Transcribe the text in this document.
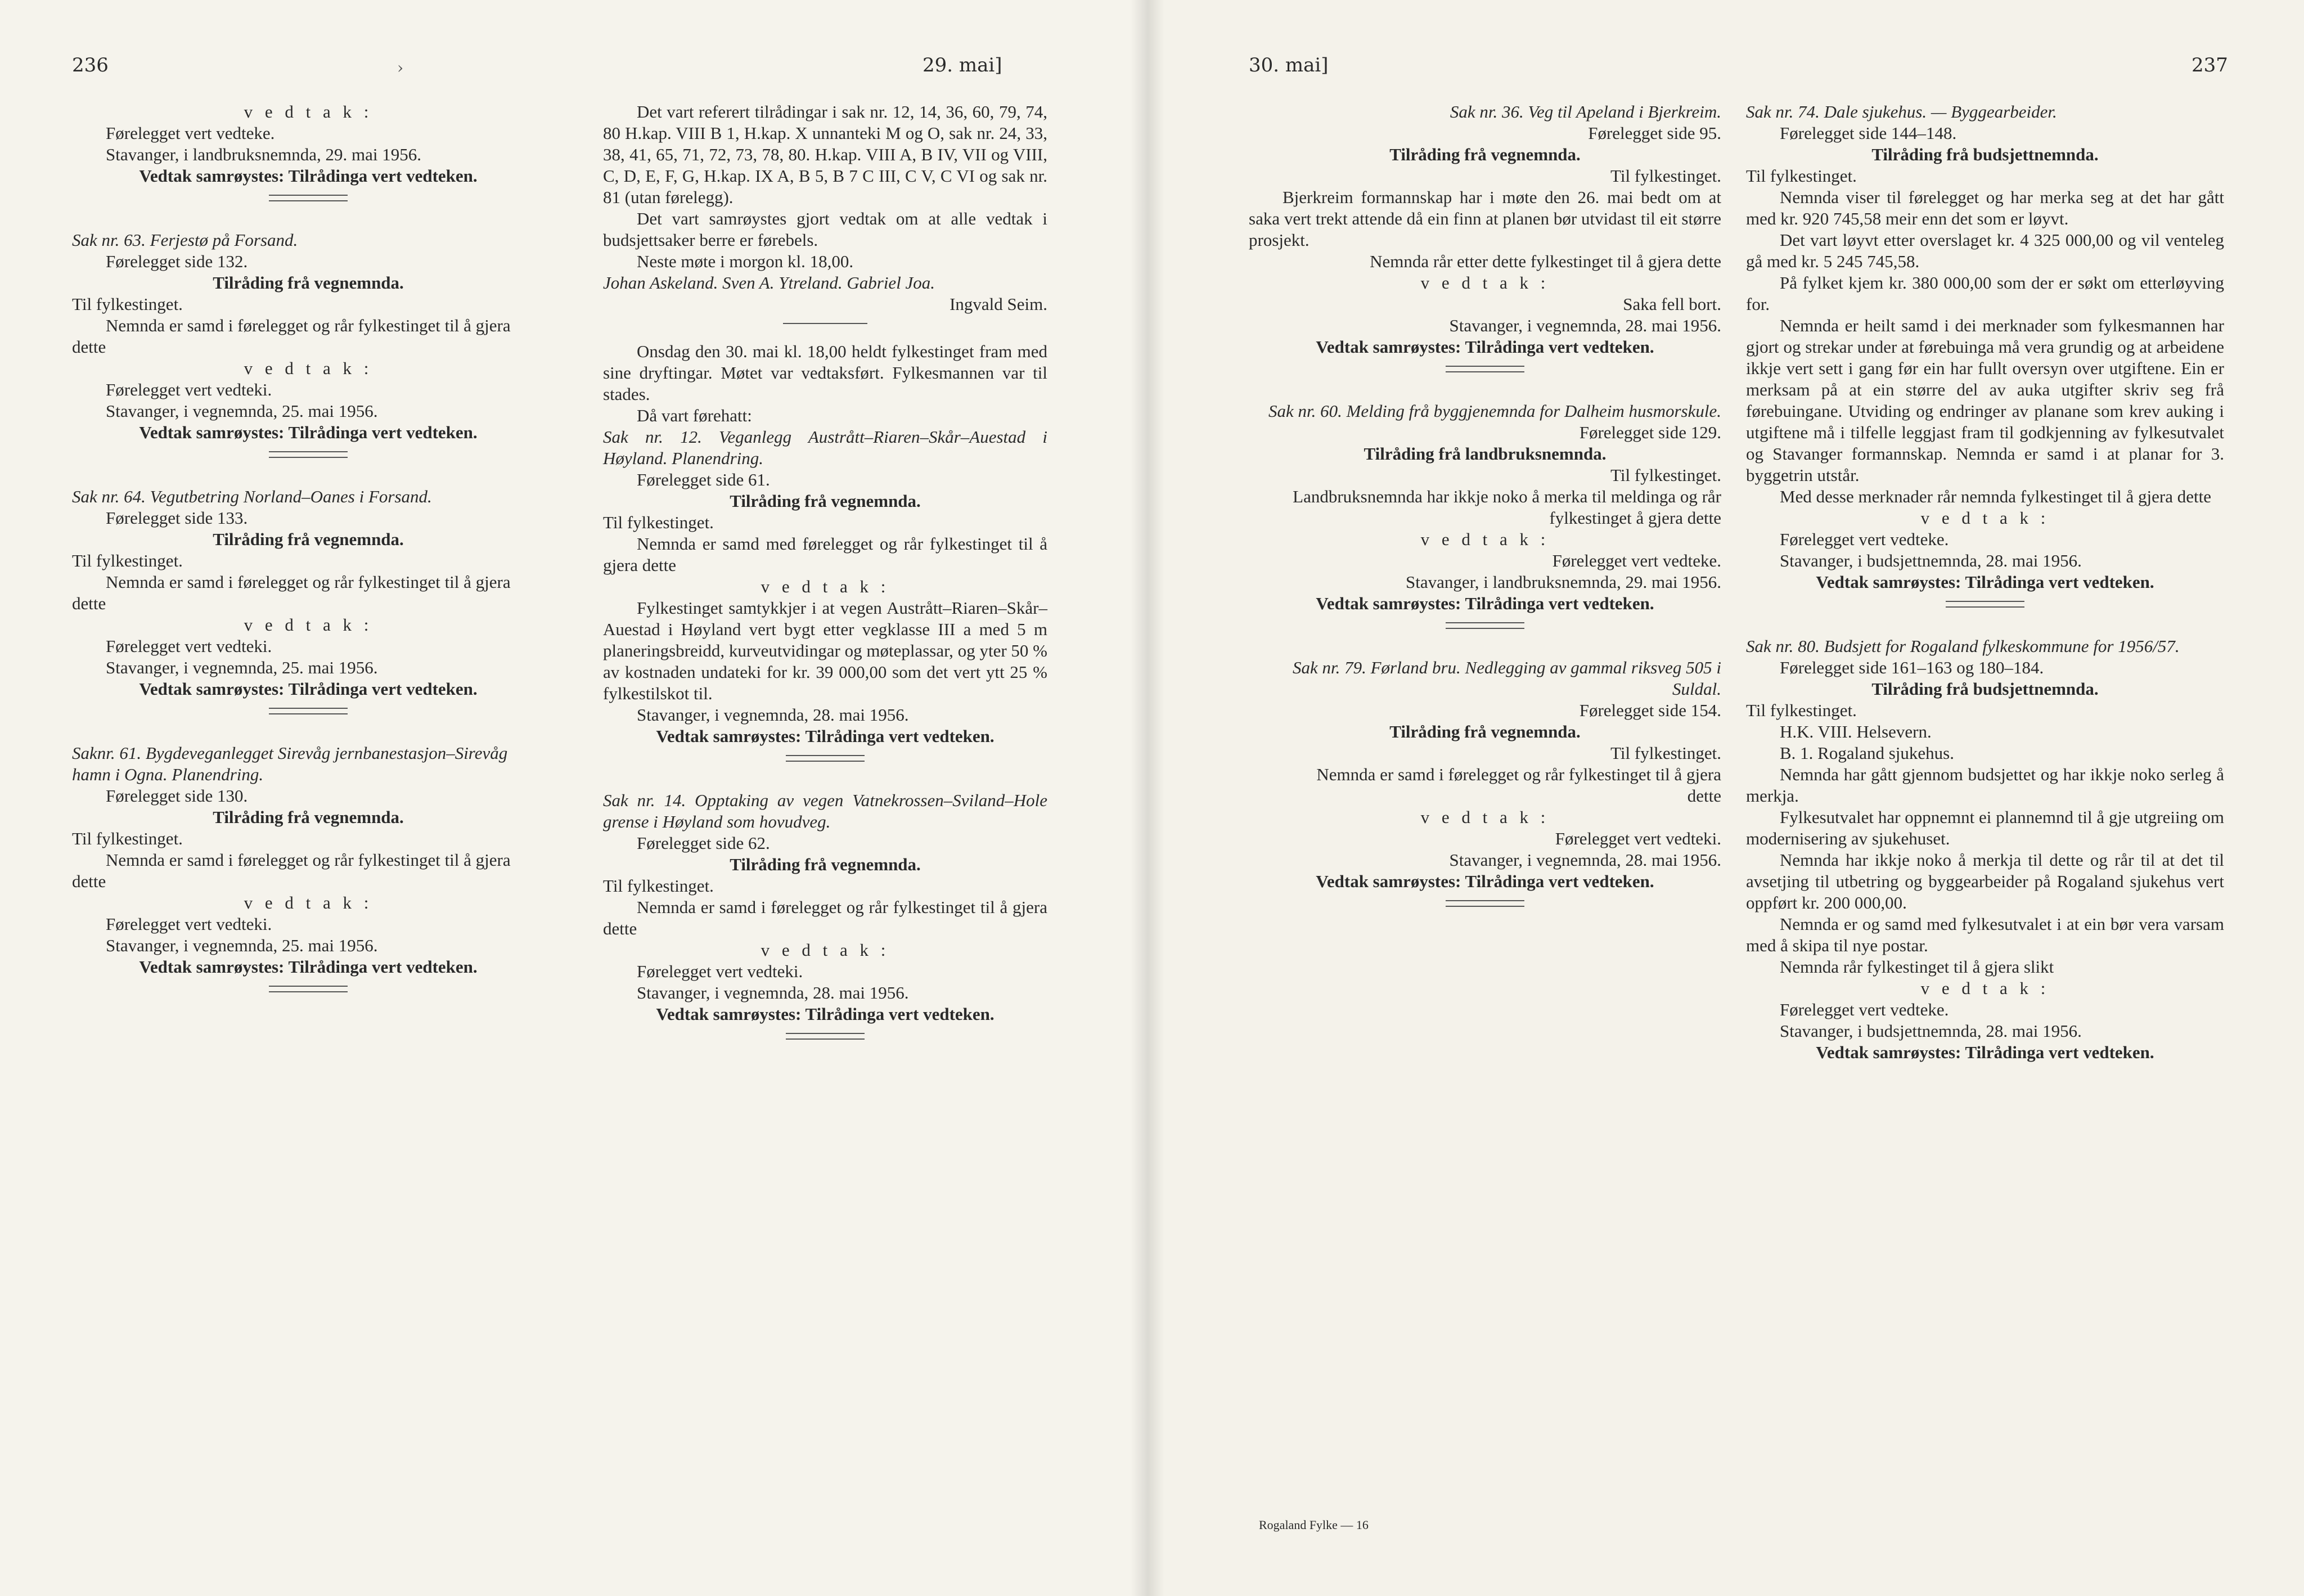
236	›	29. mai]

v e d t a k :

Førelegget vert vedteke.

Stavanger, i landbruksnemnda, 29. mai 1956.

Vedtak samrøystes: Tilrådinga vert vedteken.

Sak nr. 63. Ferjestø på Forsand.

Førelegget side 132.

Tilråding frå vegnemnda.

Til fylkestinget.

Nemnda er samd i førelegget og rår fylkestinget til å gjera dette

v e d t a k :

Førelegget vert vedteki.

Stavanger, i vegnemnda, 25. mai 1956.

Vedtak samrøystes: Tilrådinga vert vedteken.

Sak nr. 64. Vegutbetring Norland–Oanes i Forsand.

Førelegget side 133.

Tilråding frå vegnemnda.

Til fylkestinget.

Nemnda er samd i førelegget og rår fylkestinget til å gjera dette

v e d t a k :

Førelegget vert vedteki.

Stavanger, i vegnemnda, 25. mai 1956.

Vedtak samrøystes: Tilrådinga vert vedteken.

Saknr. 61. Bygdeveganlegget Sirevåg jernbanestasjon–Sirevåg hamn i Ogna. Planendring.

Førelegget side 130.

Tilråding frå vegnemnda.

Til fylkestinget.

Nemnda er samd i førelegget og rår fylkestinget til å gjera dette

v e d t a k :

Førelegget vert vedteki.

Stavanger, i vegnemnda, 25. mai 1956.

Vedtak samrøystes: Tilrådinga vert vedteken.

Det vart referert tilrådingar i sak nr. 12, 14, 36, 60, 79, 74, 80 H.kap. VIII B 1, H.kap. X unnanteki M og O, sak nr. 24, 33, 38, 41, 65, 71, 72, 73, 78, 80. H.kap. VIII A, B IV, VII og VIII, C, D, E, F, G, H.kap. IX A, B 5, B 7 C III, C V, C VI og sak nr. 81 (utan førelegg).

Det vart samrøystes gjort vedtak om at alle vedtak i budsjettsaker berre er førebels.

Neste møte i morgon kl. 18,00.

Johan Askeland. Sven A. Ytreland. Gabriel Joa.

Ingvald Seim.

Onsdag den 30. mai kl. 18,00 heldt fylkestinget fram med sine dryftingar. Møtet var vedtaksført. Fylkesmannen var til stades.

Då vart førehatt:

Sak nr. 12. Veganlegg Austrått–Riaren–Skår–Auestad i Høyland. Planendring.

Førelegget side 61.

Tilråding frå vegnemnda.

Til fylkestinget.

Nemnda er samd med førelegget og rår fylkestinget til å gjera dette

v e d t a k :

Fylkestinget samtykkjer i at vegen Austrått–Riaren–Skår–Auestad i Høyland vert bygt etter vegklasse III a med 5 m planeringsbreidd, kurveutvidingar og møteplassar, og yter 50 % av kostnaden undateki for kr. 39 000,00 som det vert ytt 25 % fylkestilskot til.

Stavanger, i vegnemnda, 28. mai 1956.

Vedtak samrøystes: Tilrådinga vert vedteken.

Sak nr. 14. Opptaking av vegen Vatnekrossen–Sviland–Hole grense i Høyland som hovudveg.

Førelegget side 62.

Tilråding frå vegnemnda.

Til fylkestinget.

Nemnda er samd i førelegget og rår fylkestinget til å gjera dette

v e d t a k :

Førelegget vert vedteki.

Stavanger, i vegnemnda, 28. mai 1956.

Vedtak samrøystes: Tilrådinga vert vedteken.

30. mai]	237

Sak nr. 36. Veg til Apeland i Bjerkreim.

Førelegget side 95.

Tilråding frå vegnemnda.

Til fylkestinget.

Bjerkreim formannskap har i møte den 26. mai bedt om at saka vert trekt attende då ein finn at planen bør utvidast til eit større prosjekt.

Nemnda rår etter dette fylkestinget til å gjera dette

v e d t a k :

Saka fell bort.

Stavanger, i vegnemnda, 28. mai 1956.

Vedtak samrøystes: Tilrådinga vert vedteken.

Sak nr. 60. Melding frå byggjenemnda for Dalheim husmorskule.

Førelegget side 129.

Tilråding frå landbruksnemnda.

Til fylkestinget.

Landbruksnemnda har ikkje noko å merka til meldinga og rår fylkestinget å gjera dette

v e d t a k :

Førelegget vert vedteke.

Stavanger, i landbruksnemnda, 29. mai 1956.

Vedtak samrøystes: Tilrådinga vert vedteken.

Sak nr. 79. Førland bru. Nedlegging av gammal riksveg 505 i Suldal.

Førelegget side 154.

Tilråding frå vegnemnda.

Til fylkestinget.

Nemnda er samd i førelegget og rår fylkestinget til å gjera dette

v e d t a k :

Førelegget vert vedteki.

Stavanger, i vegnemnda, 28. mai 1956.

Vedtak samrøystes: Tilrådinga vert vedteken.

Sak nr. 74. Dale sjukehus. — Byggearbeider.

Førelegget side 144–148.

Tilråding frå budsjettnemnda.

Til fylkestinget.

Nemnda viser til førelegget og har merka seg at det har gått med kr. 920 745,58 meir enn det som er løyvt.

Det vart løyvt etter overslaget kr. 4 325 000,00 og vil venteleg gå med kr. 5 245 745,58.

På fylket kjem kr. 380 000,00 som der er søkt om etterløyving for.

Nemnda er heilt samd i dei merknader som fylkesmannen har gjort og strekar under at førebuinga må vera grundig og at arbeidene ikkje vert sett i gang før ein har fullt oversyn over utgiftene. Ein er merksam på at ein større del av auka utgifter skriv seg frå førebuingane. Utviding og endringer av planane som krev auking i utgiftene må i tilfelle leggjast fram til godkjenning av fylkesutvalet og Stavanger formannskap. Nemnda er samd i at planar for 3. byggetrin utstår.

Med desse merknader rår nemnda fylkestinget til å gjera dette

v e d t a k :

Førelegget vert vedteke.

Stavanger, i budsjettnemnda, 28. mai 1956.

Vedtak samrøystes: Tilrådinga vert vedteken.

Sak nr. 80. Budsjett for Rogaland fylkeskommune for 1956/57.

Førelegget side 161–163 og 180–184.

Tilråding frå budsjettnemnda.

Til fylkestinget.

H.K. VIII. Helsevern.

B. 1. Rogaland sjukehus.

Nemnda har gått gjennom budsjettet og har ikkje noko serleg å merkja.

Fylkesutvalet har oppnemnt ei plannemnd til å gje utgreiing om modernisering av sjukehuset.

Nemnda har ikkje noko å merkja til dette og rår til at det til avsetjing til utbetring og byggearbeider på Rogaland sjukehus vert oppført kr. 200 000,00.

Nemnda er og samd med fylkesutvalet i at ein bør vera varsam med å skipa til nye postar.

Nemnda rår fylkestinget til å gjera slikt

v e d t a k :

Førelegget vert vedteke.

Stavanger, i budsjettnemnda, 28. mai 1956.

Vedtak samrøystes: Tilrådinga vert vedteken.

Rogaland Fylke — 16
